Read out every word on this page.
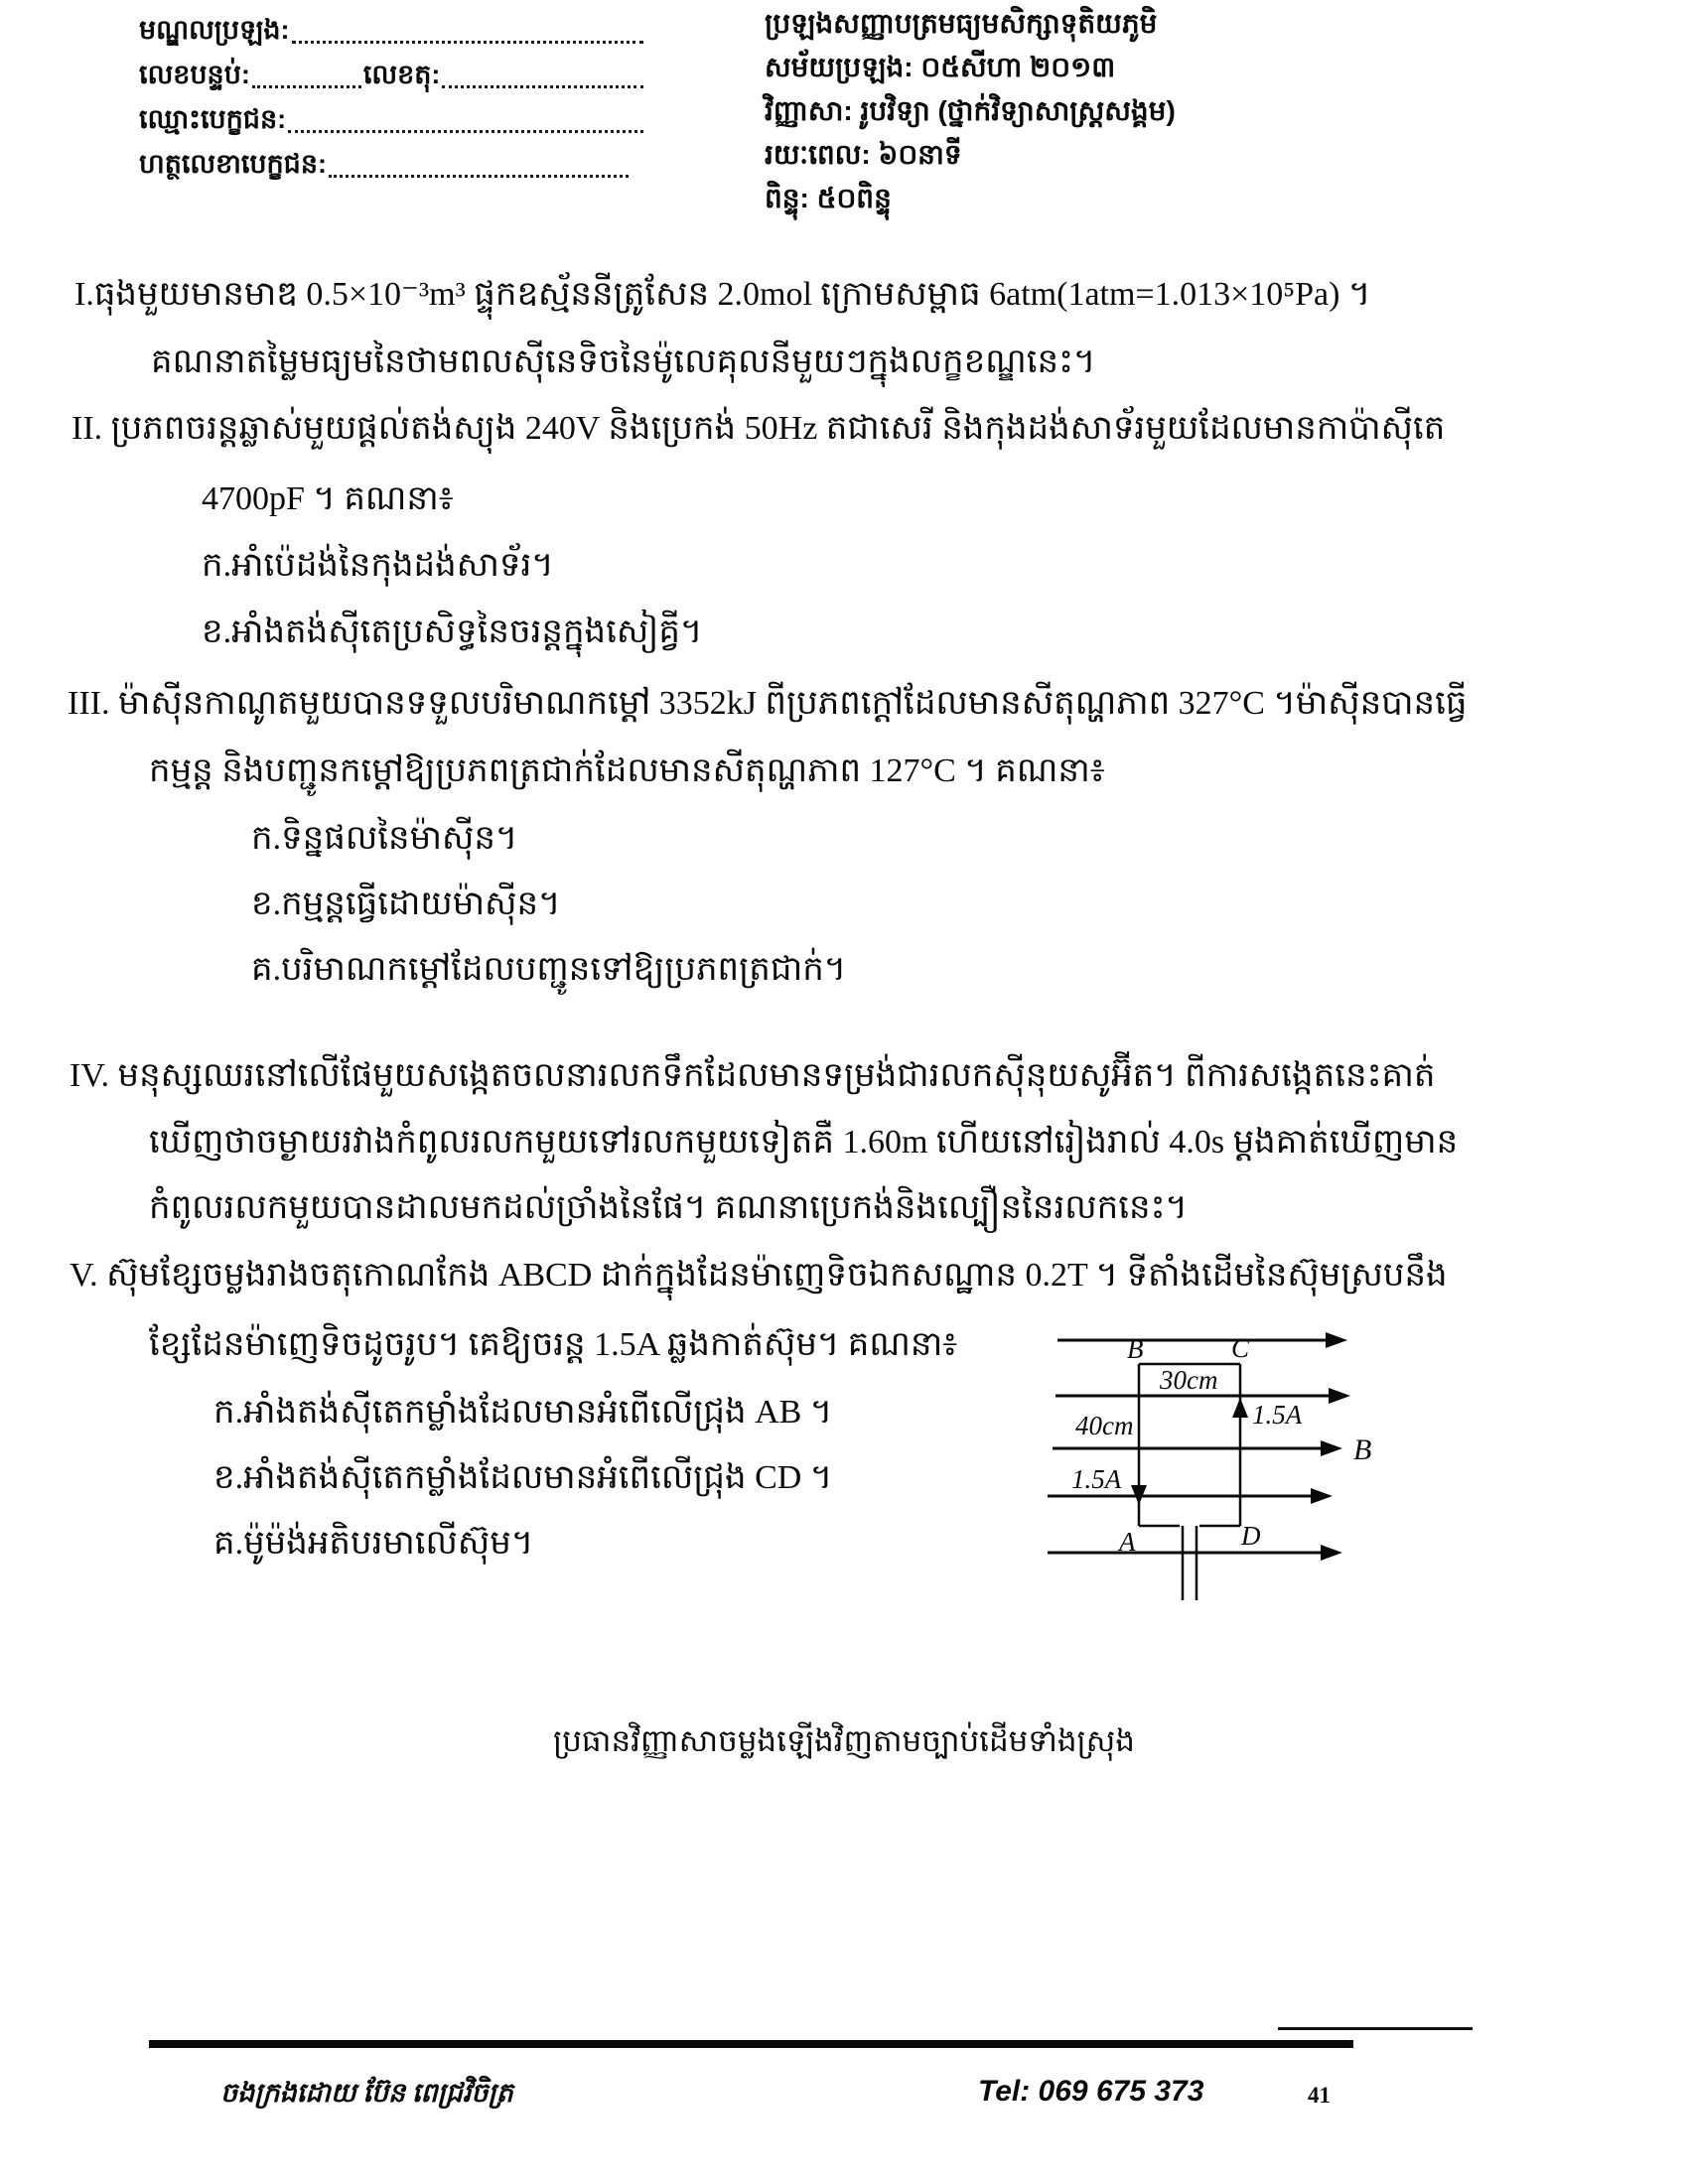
មណ្ឌលប្រឡង:
លេខបន្ទប់:	លេខតុ:
ឈ្មោះបេក្ខជន:
ហត្ថលេខាបេក្ខជន:
ប្រឡងសញ្ញាបត្រមធ្យមសិក្សាទុតិយភូមិ
សម័យប្រឡង: ០៥សីហា ២០១៣
វិញ្ញាសា: រូបវិទ្យា (ថ្នាក់វិទ្យាសាស្ត្រសង្គម)
រយៈពេល: ៦០នាទី
ពិន្ទុ: ៥០ពិន្ទុ
I.ធុងមួយមានមាឌ 0.5×10⁻³m³ ផ្ទុកឧស្ម័ននីត្រូសែន 2.0mol ក្រោមសម្ពាធ 6atm(1atm=1.013×10⁵Pa) ។
គណនាតម្លៃមធ្យមនៃថាមពលស៊ីនេទិចនៃម៉ូលេគុលនីមួយៗក្នុងលក្ខខណ្ឌនេះ។
II. ប្រភពចរន្តឆ្លាស់មួយផ្តល់តង់ស្យុង 240V និងប្រេកង់ 50Hz តជាសេរី និងកុងដង់សាទ័រមួយដែលមានកាប៉ាស៊ីតេ
4700pF ។ គណនា៖
ក.អាំប៉េដង់នៃកុងដង់សាទ័រ។
ខ.អាំងតង់ស៊ីតេប្រសិទ្ធនៃចរន្តក្នុងសៀគ្វី។
III. ម៉ាស៊ីនកាណូតមួយបានទទួលបរិមាណកម្ដៅ 3352kJ ពីប្រភពក្ដៅដែលមានសីតុណ្ហភាព 327°C ។ម៉ាស៊ីនបានធ្វើ
កម្មន្ត និងបញ្ជូនកម្ដៅឱ្យប្រភពត្រជាក់ដែលមានសីតុណ្ហភាព 127°C ។ គណនា៖
ក.ទិន្នផលនៃម៉ាស៊ីន។
ខ.កម្មន្តធ្វើដោយម៉ាស៊ីន។
គ.បរិមាណកម្ដៅដែលបញ្ជូនទៅឱ្យប្រភពត្រជាក់។
IV. មនុស្សឈរនៅលើផែមួយសង្កេតចលនារលកទឹកដែលមានទម្រង់ជារលកស៊ីនុយសូអ៊ីត។ ពីការសង្កេតនេះគាត់
ឃើញថាចម្ងាយរវាងកំពូលរលកមួយទៅរលកមួយទៀតគឺ 1.60m ហើយនៅរៀងរាល់ 4.0s ម្ដងគាត់ឃើញមាន
កំពូលរលកមួយបានដាលមកដល់ច្រាំងនៃផែ។ គណនាប្រេកង់និងល្បឿននៃរលកនេះ។
V. ស៊ុមខ្សែចម្លងរាងចតុកោណកែង ABCD ដាក់ក្នុងដែនម៉ាញេទិចឯកសណ្ឋាន 0.2T ។ ទីតាំងដើមនៃស៊ុមស្របនឹង
ខ្សែដែនម៉ាញេទិចដូចរូប។ គេឱ្យចរន្ត 1.5A ឆ្លងកាត់ស៊ុម។ គណនា៖
ក.អាំងតង់ស៊ីតេកម្លាំងដែលមានអំពើលើជ្រុង AB ។
ខ.អាំងតង់ស៊ីតេកម្លាំងដែលមានអំពើលើជ្រុង CD ។
គ.ម៉ូម៉ង់អតិបរមាលើស៊ុម។
B	C
A	D
30cm
40cm	1.5A
1.5A
B⃗
ប្រធានវិញ្ញាសាចម្លងឡើងវិញតាមច្បាប់ដើមទាំងស្រុង
ចងក្រងដោយ ប៊ែន ពេជ្រវិចិត្រ	Tel: 069 675 373	41
